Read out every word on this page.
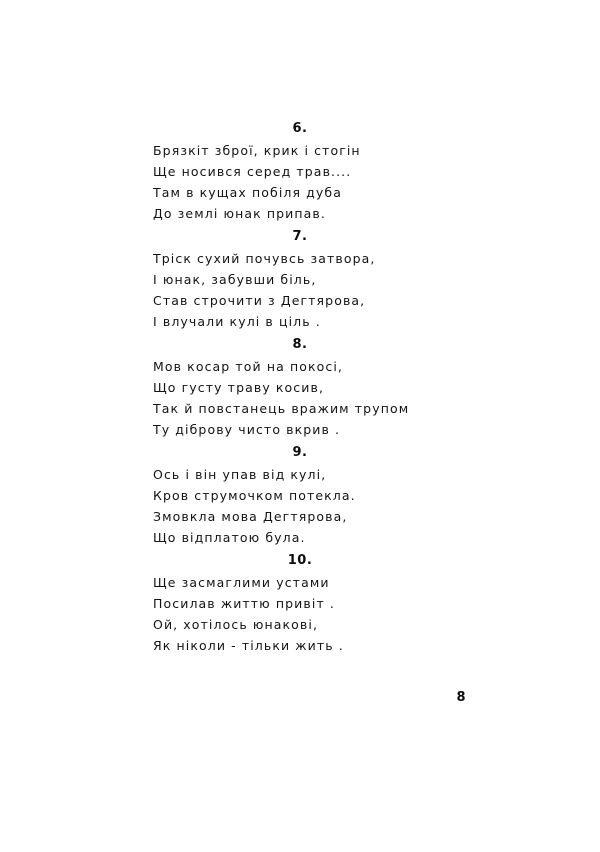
6.
Брязкіт зброї, крик і стогін
Ще носився серед трав....
Там в кущах побіля дуба
До землі юнак припав.
7.
Тріск сухий почувсь затвора,
І юнак, забувши біль,
Став строчити з Дегтярова,
І влучали кулі в ціль .
8.
Мов косар той на покосі,
Що густу траву косив,
Так й повстанець вражим трупом
Ту діброву чисто вкрив .
9.
Ось і він упав від кулі,
Кров струмочком потекла.
Змовкла мова Дегтярова,
Що відплатою була.
10.
Ще засмаглими устами
Посилав життю привіт .
Ой, хотілось юнакові,
Як ніколи - тільки жить .
8
